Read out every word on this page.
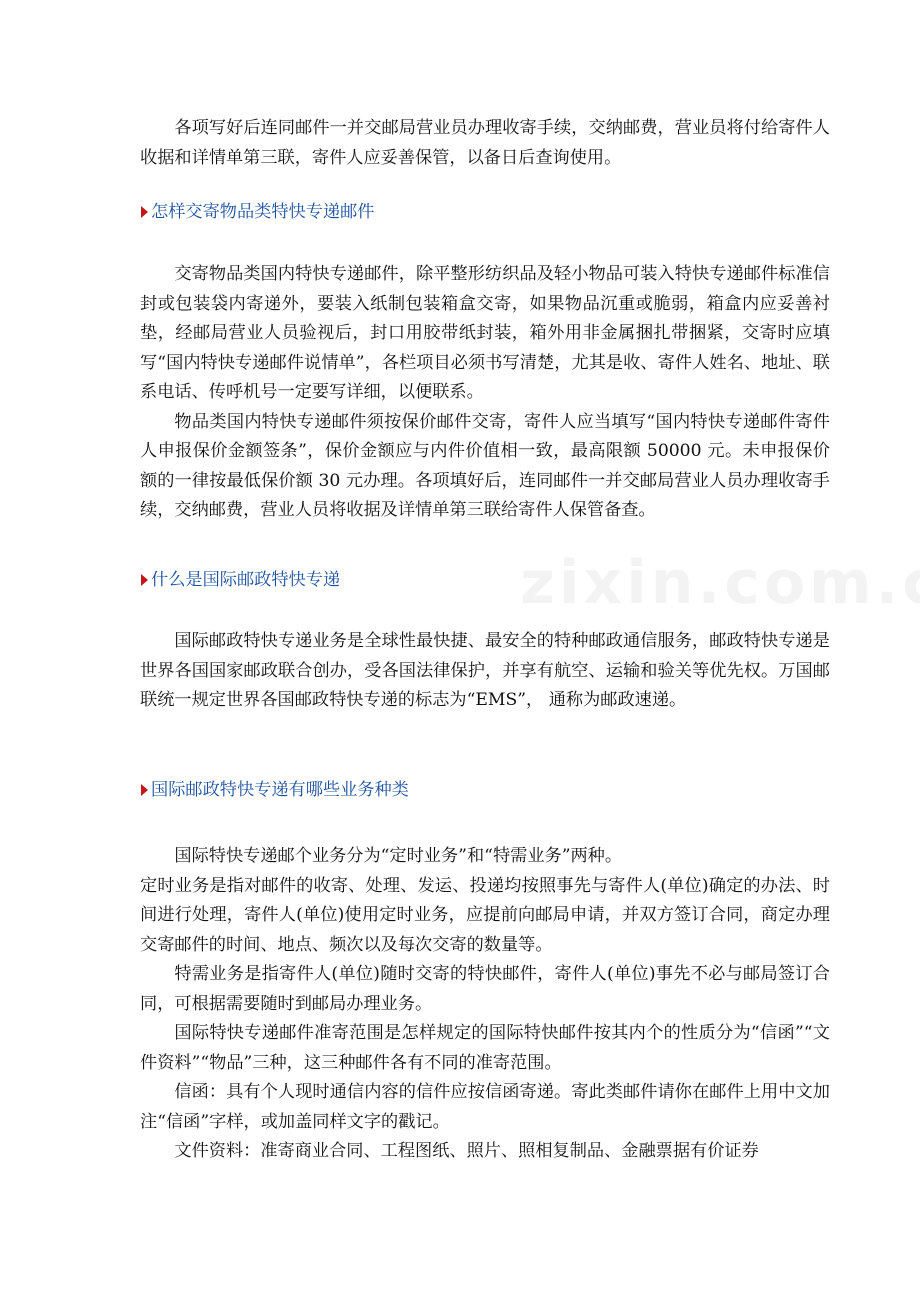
各项写好后连同邮件一并交邮局营业员办理收寄手续，交纳邮费，营业员将付给寄件人收据和详情单第三联，寄件人应妥善保管，以备日后查询使用。

怎样交寄物品类特快专递邮件

交寄物品类国内特快专递邮件，除平整形纺织品及轻小物品可装入特快专递邮件标准信封或包装袋内寄递外，要装入纸制包装箱盒交寄，如果物品沉重或脆弱，箱盒内应妥善衬垫，经邮局营业人员验视后，封口用胶带纸封装，箱外用非金属捆扎带捆紧，交寄时应填写“国内特快专递邮件说情单”，各栏项目必须书写清楚，尤其是收、寄件人姓名、地址、联系电话、传呼机号一定要写详细，以便联系。

物品类国内特快专递邮件须按保价邮件交寄，寄件人应当填写“国内特快专递邮件寄件人申报保价金额签条”，保价金额应与内件价值相一致，最高限额 50000 元。未申报保价额的一律按最低保价额 30 元办理。各项填好后，连同邮件一并交邮局营业人员办理收寄手续，交纳邮费，营业人员将收据及详情单第三联给寄件人保管备查。

什么是国际邮政特快专递

国际邮政特快专递业务是全球性最快捷、最安全的特种邮政通信服务，邮政特快专递是世界各国国家邮政联合创办，受各国法律保护，并享有航空、运输和验关等优先权。万国邮联统一规定世界各国邮政特快专递的标志为“EMS”， 通称为邮政速递。

国际邮政特快专递有哪些业务种类

国际特快专递邮个业务分为“定时业务”和“特需业务”两种。

定时业务是指对邮件的收寄、处理、发运、投递均按照事先与寄件人(单位)确定的办法、时间进行处理，寄件人(单位)使用定时业务，应提前向邮局申请，并双方签订合同，商定办理交寄邮件的时间、地点、频次以及每次交寄的数量等。

特需业务是指寄件人(单位)随时交寄的特快邮件，寄件人(单位)事先不必与邮局签订合同，可根据需要随时到邮局办理业务。

国际特快专递邮件准寄范围是怎样规定的国际特快邮件按其内个的性质分为“信函”“文件资料”“物品”三种，这三种邮件各有不同的准寄范围。

信函：具有个人现时通信内容的信件应按信函寄递。寄此类邮件请你在邮件上用中文加注“信函”字样，或加盖同样文字的戳记。

文件资料：准寄商业合同、工程图纸、照片、照相复制品、金融票据有价证券
